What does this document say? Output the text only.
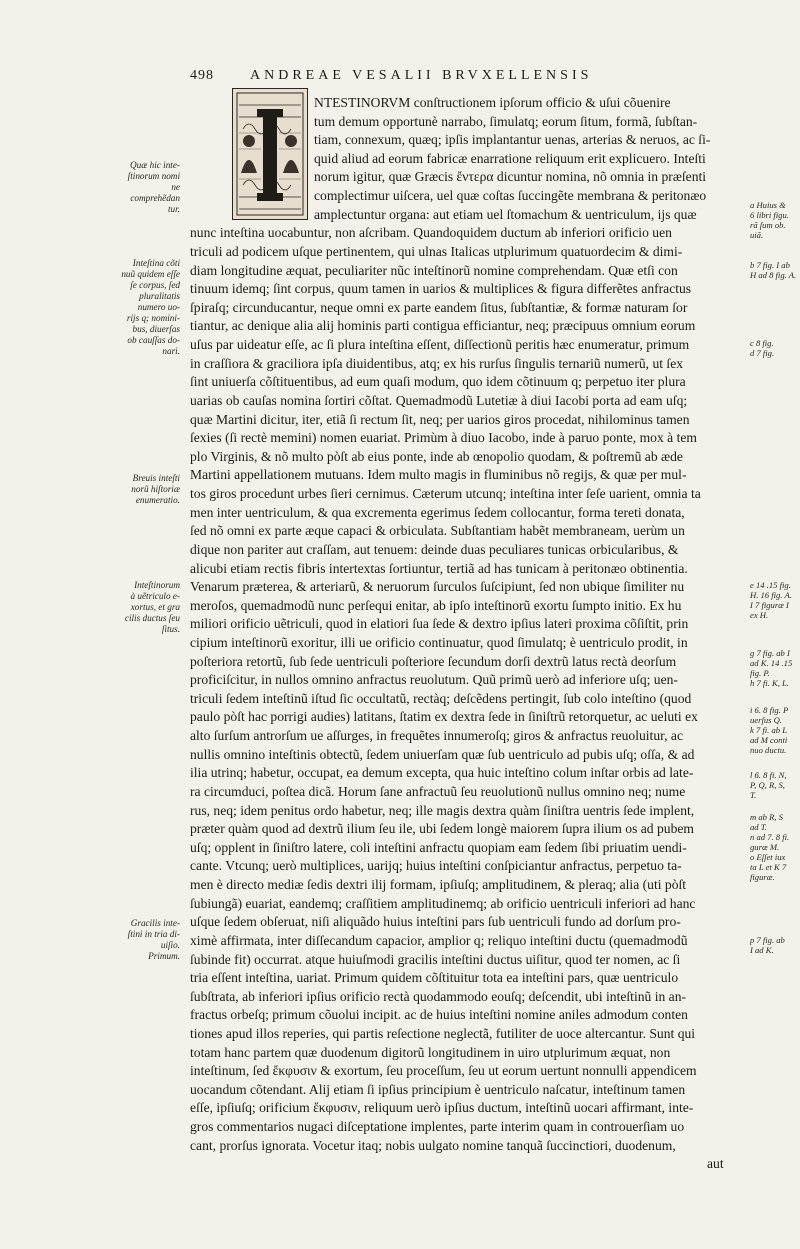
498	ANDREAE VESALII BRVXELLENSIS
NTESTINORVM conſtructionem ipſorum officio & uſui cõuenire
tum demum opportunè narrabo, ſimulatq; eorum ſitum, formã, ſubſtan-
tiam, connexum, quæq; ipſis implantantur uenas, arterias & neruos, ac ſi-
quid aliud ad eorum fabricæ enarratione reliquum erit explicuero. Inteſti
norum igitur, quæ Græcis ἔντερα dicuntur nomina, nõ omnia in præſenti
complectimur uiſcera, uel quæ coſtas ſuccingẽte membrana & peritonæo
amplectuntur organa: aut etiam uel ſtomachum & uentriculum, ijs quæ
nunc inteſtina uocabuntur, non aſcribam. Quandoquidem ductum ab inferiori orificio uen
triculi ad podicem uſque pertinentem, qui ulnas Italicas utplurimum quatuordecim & dimi-
diam longitudine æquat, peculiariter nũc inteſtinorũ nomine comprehendam. Quæ etſi con
tinuum idemq; ſint corpus, quum tamen in uarios & multiplices & figura differẽtes anfractus
ſpiraſq; circunducantur, neque omni ex parte eandem ſitus, ſubſtantiæ, & formæ naturam ſor
tiantur, ac denique alia alij hominis parti contigua efficiantur, neq; præcipuus omnium eorum
uſus par uideatur eſſe, ac ſi plura inteſtina eſſent, diſſectionũ peritis hæc enumeratur, primum
in craſſiora & graciliora ipſa diuidentibus, atq; ex his rurſus ſingulis ternariũ numerũ, ut ſex
ſint uniuerſa cõſtituentibus, ad eum quaſi modum, quo idem cõtinuum q; perpetuo iter plura
uarias ob cauſas nomina ſortiri cõſtat. Quemadmodũ Lutetiæ à diui Iacobi porta ad eam uſq;
quæ Martini dicitur, iter, etiã ſi rectum ſit, neq; per uarios giros procedat, nihilominus tamen
ſexies (ſi rectè memini) nomen euariat. Primùm à diuo Iacobo, inde à paruo ponte, mox à tem
plo Virginis, & nõ multo pòſt ab eius ponte, inde ab œnopolio quodam, & poſtremũ ab æde
Martini appellationem mutuans. Idem multo magis in fluminibus nõ regijs, & quæ per mul-
tos giros procedunt urbes ſieri cernimus. Cæterum utcunq; inteſtina inter ſeſe uarient, omnia ta
men inter uentriculum, & qua excrementa egerimus ſedem collocantur, forma tereti donata,
ſed nõ omni ex parte æque capaci & orbiculata. Subſtantiam habẽt membraneam, uerùm un
dique non pariter aut craſſam, aut tenuem: deinde duas peculiares tunicas orbicularibus, &
alicubi etiam rectis fibris intertextas ſortiuntur, tertiã ad has tunicam à peritonæo obtinentia.
Venarum præterea, & arteriarũ, & neruorum ſurculos ſuſcipiunt, ſed non ubique ſimiliter nu
meroſos, quemadmodũ nunc perſequi enitar, ab ipſo inteſtinorũ exortu ſumpto initio. Ex hu
miliori orificio uẽtriculi, quod in elatiori ſua ſede & dextro ipſius lateri proxima cõſiſtit, prin
cipium inteſtinorũ exoritur, illi ue orificio continuatur, quod ſimulatq; è uentriculo prodit, in
poſteriora retortũ, ſub ſede uentriculi poſteriore ſecundum dorſi dextrũ latus rectà deorſum
proficiſcitur, in nullos omnino anfractus reuolutum. Quũ primũ uerò ad inferiore uſq; uen-
triculi ſedem inteſtinũ iſtud ſic occultatũ, rectàq; deſcẽdens pertingit, ſub colo inteſtino (quod
paulo pòſt hac porrigi audies) latitans, ſtatim ex dextra ſede in ſiniſtrũ retorquetur, ac ueluti ex
alto ſurſum antrorſum ue aſſurges, in frequẽtes innumeroſq; giros & anfractus reuoluitur, ac
nullis omnino inteſtinis obtectũ, ſedem uniuerſam quæ ſub uentriculo ad pubis uſq; oſſa, & ad
ilia utrinq; habetur, occupat, ea demum excepta, qua huic inteſtino colum inſtar orbis ad late-
ra circumduci, poſtea dicã. Horum ſane anfractuũ ſeu reuolutionũ nullus omnino neq; nume
rus, neq; idem penitus ordo habetur, neq; ille magis dextra quàm ſiniſtra uentris ſede implent,
præter quàm quod ad dextrũ ilium ſeu ile, ubi ſedem longè maiorem ſupra ilium os ad pubem
uſq; opplent in ſiniſtro latere, coli inteſtini anfractu quopiam eam ſedem ſibi priuatim uendi-
cante. Vtcunq; uerò multiplices, uarijq; huius inteſtini conſpiciantur anfractus, perpetuo ta-
men è directo mediæ ſedis dextri ilij formam, ipſiuſq; amplitudinem, & pleraq; alia (uti pòſt
ſubiungã) euariat, eandemq; craſſitiem amplitudinemq; ab orificio uentriculi inferiori ad hanc
uſque ſedem obſeruat, niſi aliquãdo huius inteſtini pars ſub uentriculi fundo ad dorſum pro-
ximè affirmata, inter diſſecandum capacior, amplior q; reliquo inteſtini ductu (quemadmodũ
ſubinde fit) occurrat. atque huiuſmodi gracilis inteſtini ductus uiſitur, quod ter nomen, ac ſi
tria eſſent inteſtina, uariat. Primum quidem cõſtituitur tota ea inteſtini pars, quæ uentriculo
ſubſtrata, ab inferiori ipſius orificio rectà quodammodo eouſq; deſcendit, ubi inteſtinũ in an-
fractus orbeſq; primum cõuolui incipit. ac de huius inteſtini nomine aniles admodum conten
tiones apud illos reperies, qui partis reſectione neglectã, futiliter de uoce altercantur. Sunt qui
totam hanc partem quæ duodenum digitorũ longitudinem in uiro utplurimum æquat, non
inteſtinum, ſed ἔκφυσιν & exortum, ſeu proceſſum, ſeu ut eorum uertunt nonnulli appendicem
uocandum cõtendant. Alij etiam ſi ipſius principium è uentriculo naſcatur, inteſtinum tamen
eſſe, ipſiuſq; orificium ἔκφυσιν, reliquum uerò ipſius ductum, inteſtinũ uocari affirmant, inte-
gros commentarios nugaci diſceptatione implentes, parte interim quam in controuerſiam uo
cant, prorſus ignorata. Vocetur itaq; nobis uulgato nomine tanquã ſuccinctiori, duodenum,
aut
Quæ hic inte-
ſtinorum nomi
ne comprehẽdan
tur.
Inteſtina cõti
nuũ quidem eſſe
ſe corpus, ſed
pluralitatis
numero uo-
rijs q; nomini-
bus, diuerſas
ob cauſſas do-
nari.
Breuis inteſti
norũ hiſtoriæ
enumeratio.
Inteſtinorum
à uẽtriculo e-
xortus, et gra
cilis ductus ſeu
ſitus.
Gracilis inte-
ſtini in tria di-
uiſio.
Primum.
a Huius &
6 libri figu.
rã ſum ob.
uiã.
b 7 fig. I ab
H ad 8 fig. A.
c 8 fig.
d 7 fig.
e 14 .15 fig.
H. 16 fig. A.
I 7 figuræ I
ex H.
g 7 fig. ab I
ad K. 14 .15
fig. P.
h 7 fi. K, L.
i 6. 8 fig. P
uerſus Q.
k 7 fi. ab L
ad M conti
nuo ductu.
l 6. 8 fi. N,
P, Q, R, S,
T.
m ab R, S
ad T.
n ad 7. 8 fi.
guræ M.
o Eſſet iux
ta L et K 7
figuræ.
p 7 fig. ab
I ad K.
